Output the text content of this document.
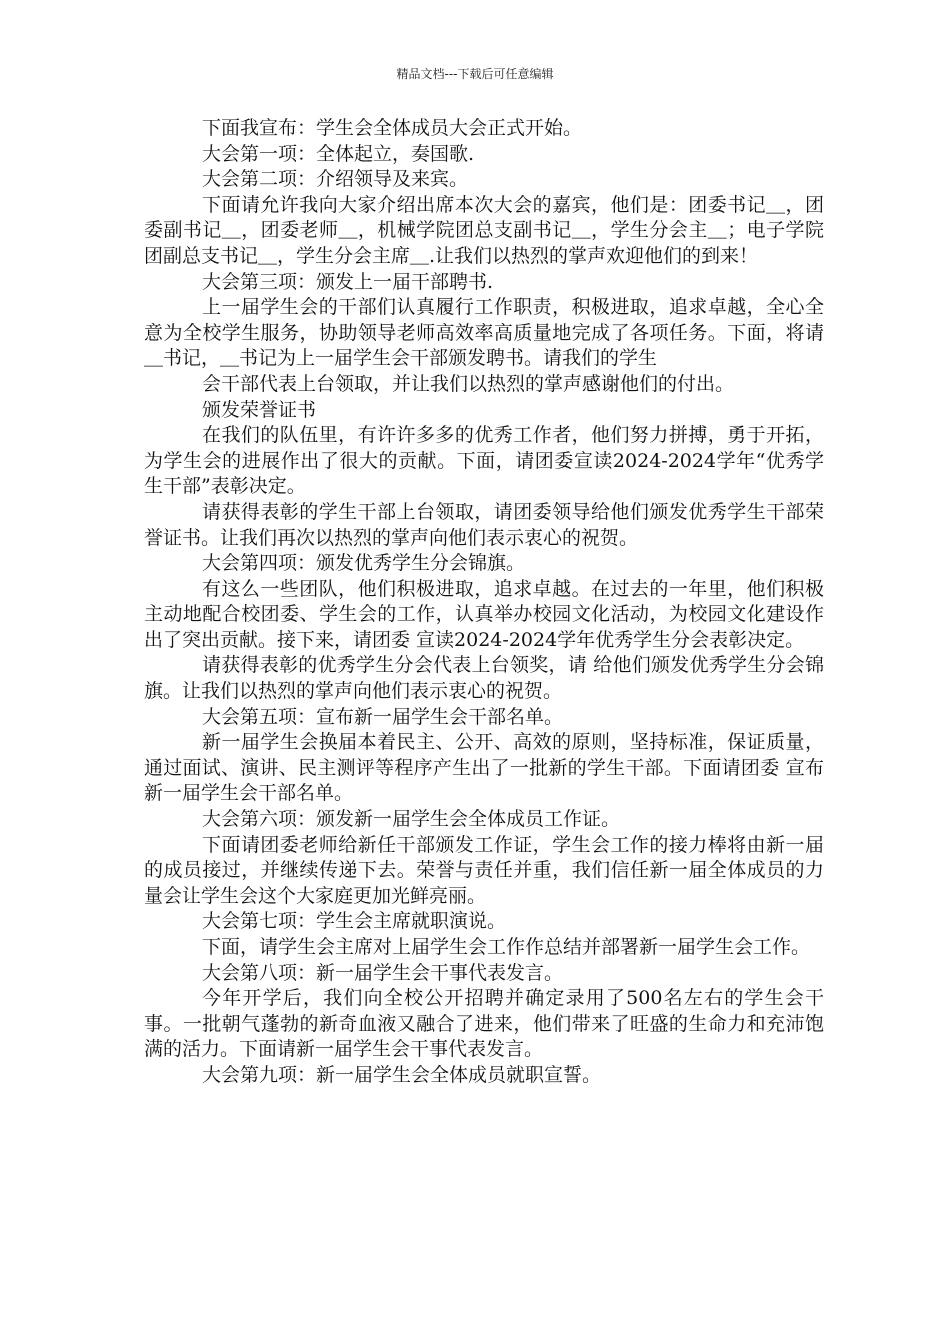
精品文档---下载后可任意编辑

下面我宣布：学生会全体成员大会正式开始。

大会第一项：全体起立，奏国歌.

大会第二项：介绍领导及来宾。

下面请允许我向大家介绍出席本次大会的嘉宾，他们是：团委书记＿，团委副书记＿，团委老师＿，机械学院团总支副书记＿，学生分会主＿；电子学院团副总支书记＿，学生分会主席＿.让我们以热烈的掌声欢迎他们的到来！

大会第三项：颁发上一届干部聘书.

上一届学生会的干部们认真履行工作职责，积极进取，追求卓越，全心全意为全校学生服务，协助领导老师高效率高质量地完成了各项任务。下面，将请＿书记，＿书记为上一届学生会干部颁发聘书。请我们的学生

会干部代表上台领取，并让我们以热烈的掌声感谢他们的付出。

颁发荣誉证书

在我们的队伍里，有许许多多的优秀工作者，他们努力拼搏，勇于开拓，为学生会的进展作出了很大的贡献。下面，请团委宣读2024-2024学年“优秀学生干部”表彰决定。

请获得表彰的学生干部上台领取，请团委领导给他们颁发优秀学生干部荣誉证书。让我们再次以热烈的掌声向他们表示衷心的祝贺。

大会第四项：颁发优秀学生分会锦旗。

有这么一些团队，他们积极进取，追求卓越。在过去的一年里，他们积极主动地配合校团委、学生会的工作，认真举办校园文化活动，为校园文化建设作出了突出贡献。接下来，请团委 宣读2024-2024学年优秀学生分会表彰决定。

请获得表彰的优秀学生分会代表上台领奖，请 给他们颁发优秀学生分会锦旗。让我们以热烈的掌声向他们表示衷心的祝贺。

大会第五项：宣布新一届学生会干部名单。

新一届学生会换届本着民主、公开、高效的原则，坚持标准，保证质量，通过面试、演讲、民主测评等程序产生出了一批新的学生干部。下面请团委 宣布新一届学生会干部名单。

大会第六项：颁发新一届学生会全体成员工作证。

下面请团委老师给新任干部颁发工作证，学生会工作的接力棒将由新一届的成员接过，并继续传递下去。荣誉与责任并重，我们信任新一届全体成员的力量会让学生会这个大家庭更加光鲜亮丽。

大会第七项：学生会主席就职演说。

下面，请学生会主席对上届学生会工作作总结并部署新一届学生会工作。

大会第八项：新一届学生会干事代表发言。

今年开学后，我们向全校公开招聘并确定录用了500名左右的学生会干事。一批朝气蓬勃的新奇血液又融合了进来，他们带来了旺盛的生命力和充沛饱满的活力。下面请新一届学生会干事代表发言。

大会第九项：新一届学生会全体成员就职宣誓。
